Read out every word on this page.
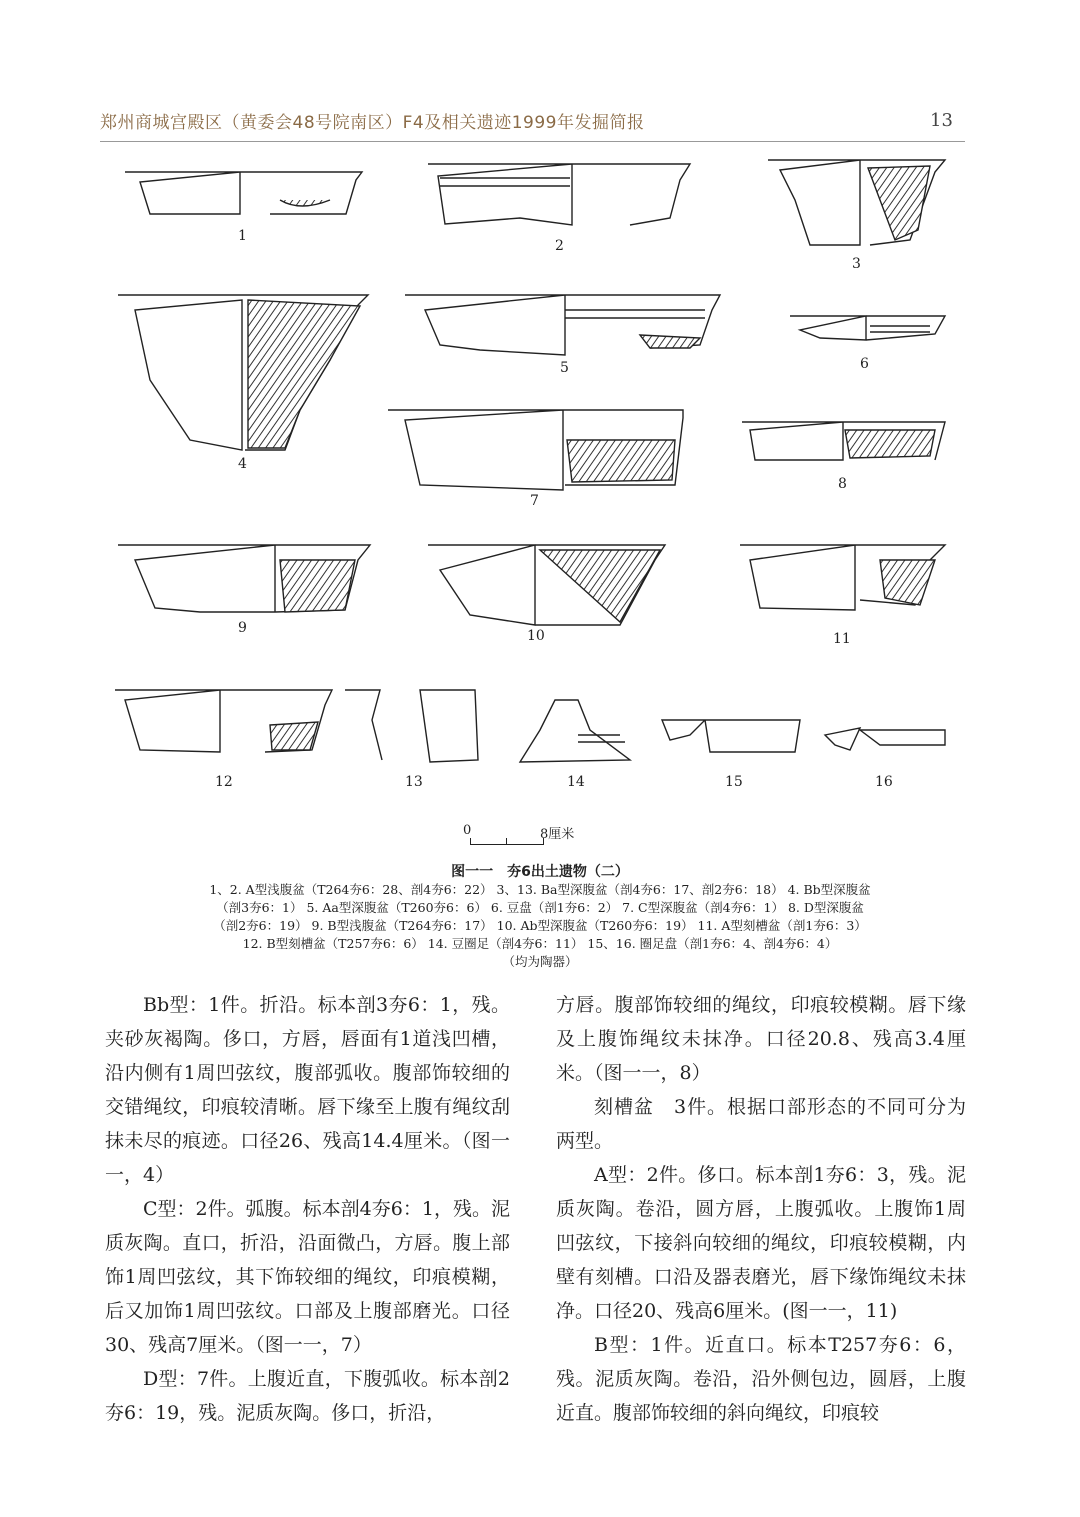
郑州商城宫殿区（黄委会48号院南区）F4及相关遗迹1999年发掘简报	13
1
2
3
4
5	6
7
8
9	10	11
12	13	14	15	16
0	8厘米
图一一　夯6出土遗物（二）
1、2. A型浅腹盆（T264夯6：28、剖4夯6：22） 3、13. Ba型深腹盆（剖4夯6：17、剖2夯6：18） 4. Bb型深腹盆
（剖3夯6：1） 5. Aa型深腹盆（T260夯6：6） 6. 豆盘（剖1夯6：2） 7. C型深腹盆（剖4夯6：1） 8. D型深腹盆
（剖2夯6：19） 9. B型浅腹盆（T264夯6：17） 10. Ab型深腹盆（T260夯6：19） 11. A型刻槽盆（剖1夯6：3）
12. B型刻槽盆（T257夯6：6） 14. 豆圈足（剖4夯6：11） 15、16. 圈足盘（剖1夯6：4、剖4夯6：4）
（均为陶器）

Bb型：1件。折沿。标本剖3夯6：1，残。夹砂灰褐陶。侈口，方唇，唇面有1道浅凹槽，沿内侧有1周凹弦纹，腹部弧收。腹部饰较细的交错绳纹，印痕较清晰。唇下缘至上腹有绳纹刮抹未尽的痕迹。口径26、残高14.4厘米。（图一一，4）

C型：2件。弧腹。标本剖4夯6：1，残。泥质灰陶。直口，折沿，沿面微凸，方唇。腹上部饰1周凹弦纹，其下饰较细的绳纹，印痕模糊，后又加饰1周凹弦纹。口部及上腹部磨光。口径30、残高7厘米。（图一一，7）

D型：7件。上腹近直，下腹弧收。标本剖2夯6：19，残。泥质灰陶。侈口，折沿，

方唇。腹部饰较细的绳纹，印痕较模糊。唇下缘及上腹饰绳纹未抹净。口径20.8、残高3.4厘米。（图一一，8）

刻槽盆　3件。根据口部形态的不同可分为两型。

A型：2件。侈口。标本剖1夯6：3，残。泥质灰陶。卷沿，圆方唇，上腹弧收。上腹饰1周凹弦纹，下接斜向较细的绳纹，印痕较模糊，内壁有刻槽。口沿及器表磨光，唇下缘饰绳纹未抹净。口径20、残高6厘米。(图一一，11)

B型：1件。近直口。标本T257夯6：6，残。泥质灰陶。卷沿，沿外侧包边，圆唇，上腹近直。腹部饰较细的斜向绳纹，印痕较
